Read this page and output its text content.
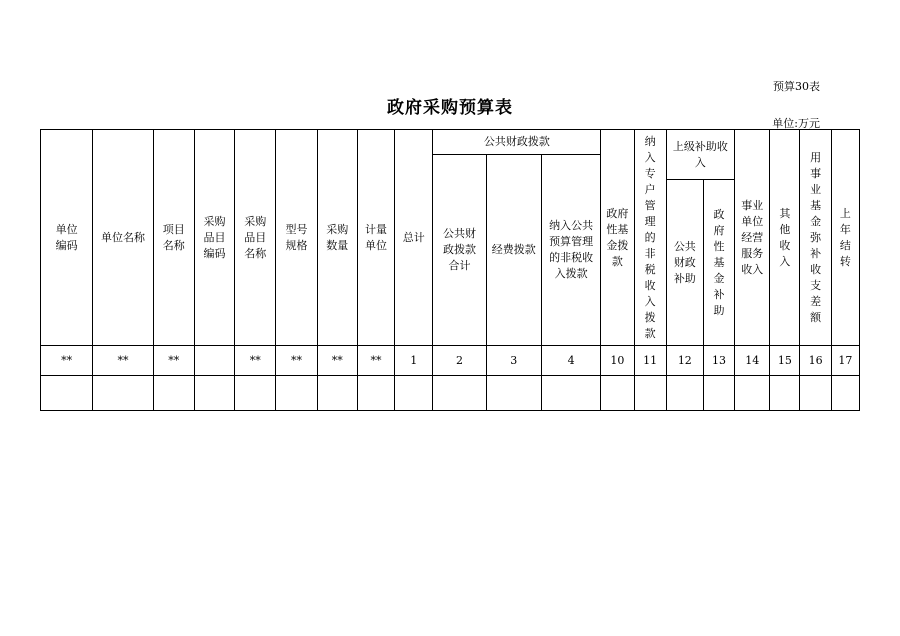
预算30表
政府采购预算表
单位:万元
单位编码	单位名称	项目名称	采购品目编码	采购品目名称	型号规格	采购数量	计量单位	总计	公共财政拨款			政府性基金拨款	纳入专户管理的非税收入拨款	上级补助收入		事业单位经营服务收入	其他收入	用事业基金弥补收支差额	上年结转
									公共财政拨款合计	经费拨款	纳入公共预算管理的非税收入拨款								
														公共财政补助	政府性基金补助				
**	**	**		**	**	**	**	1	2	3	4	10	11	12	13	14	15	16	17
